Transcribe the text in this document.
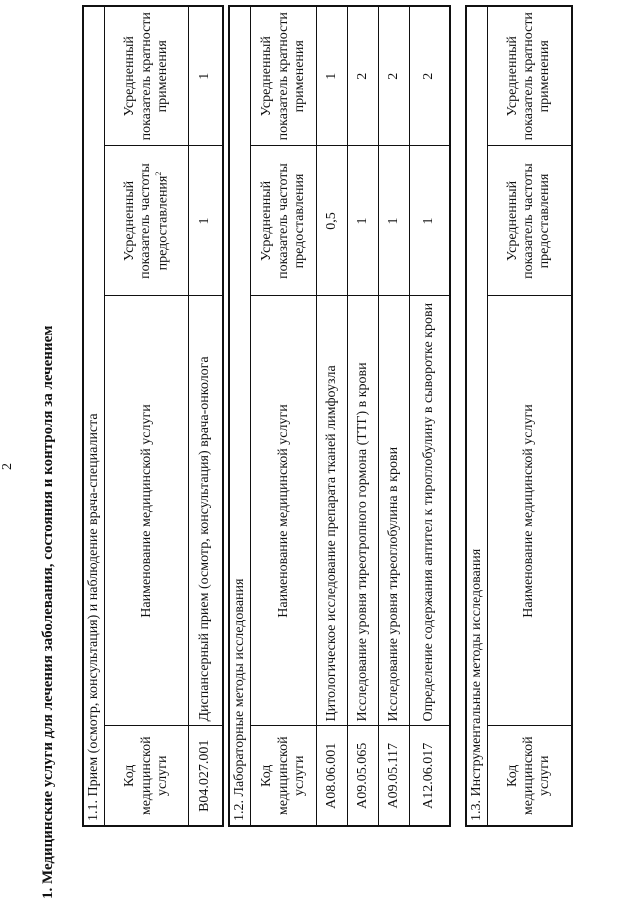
2 1. Медицинские услуги для лечения заболевания, состояния и контроля за лечением 1.1. Прием (осмотр, консультация) и наблюдение врача-специалиста			
Код медицинской услуги	Наименование медицинской услуги	Усредненный показатель частоты предоставления$^2$	Усредненный показатель кратности применения
B04.027.001	Диспансерный прием (осмотр, консультация) врача-онколога	1	1
1.2. Лабораторные методы исследования			
Код медицинской услуги	Наименование медицинской услуги	Усредненный показатель частоты предоставления	Усредненный показатель кратности применения
A08.06.001	Цитологическое исследование препарата тканей лимфоузла	0,5	1
A09.05.065	Исследование уровня тиреотропного гормона (ТТГ) в крови	1	2
A09.05.117	Исследование уровня тиреоглобулина в крови	1	2
A12.06.017	Определение содержания антител к тироглобулину в сыворотке крови	1	2
1.3. Инструментальные методы исследования
Код медицинской услуги	Наименование медицинской услуги	Усредненный показатель частоты предоставления	Усредненный показатель кратности применения
